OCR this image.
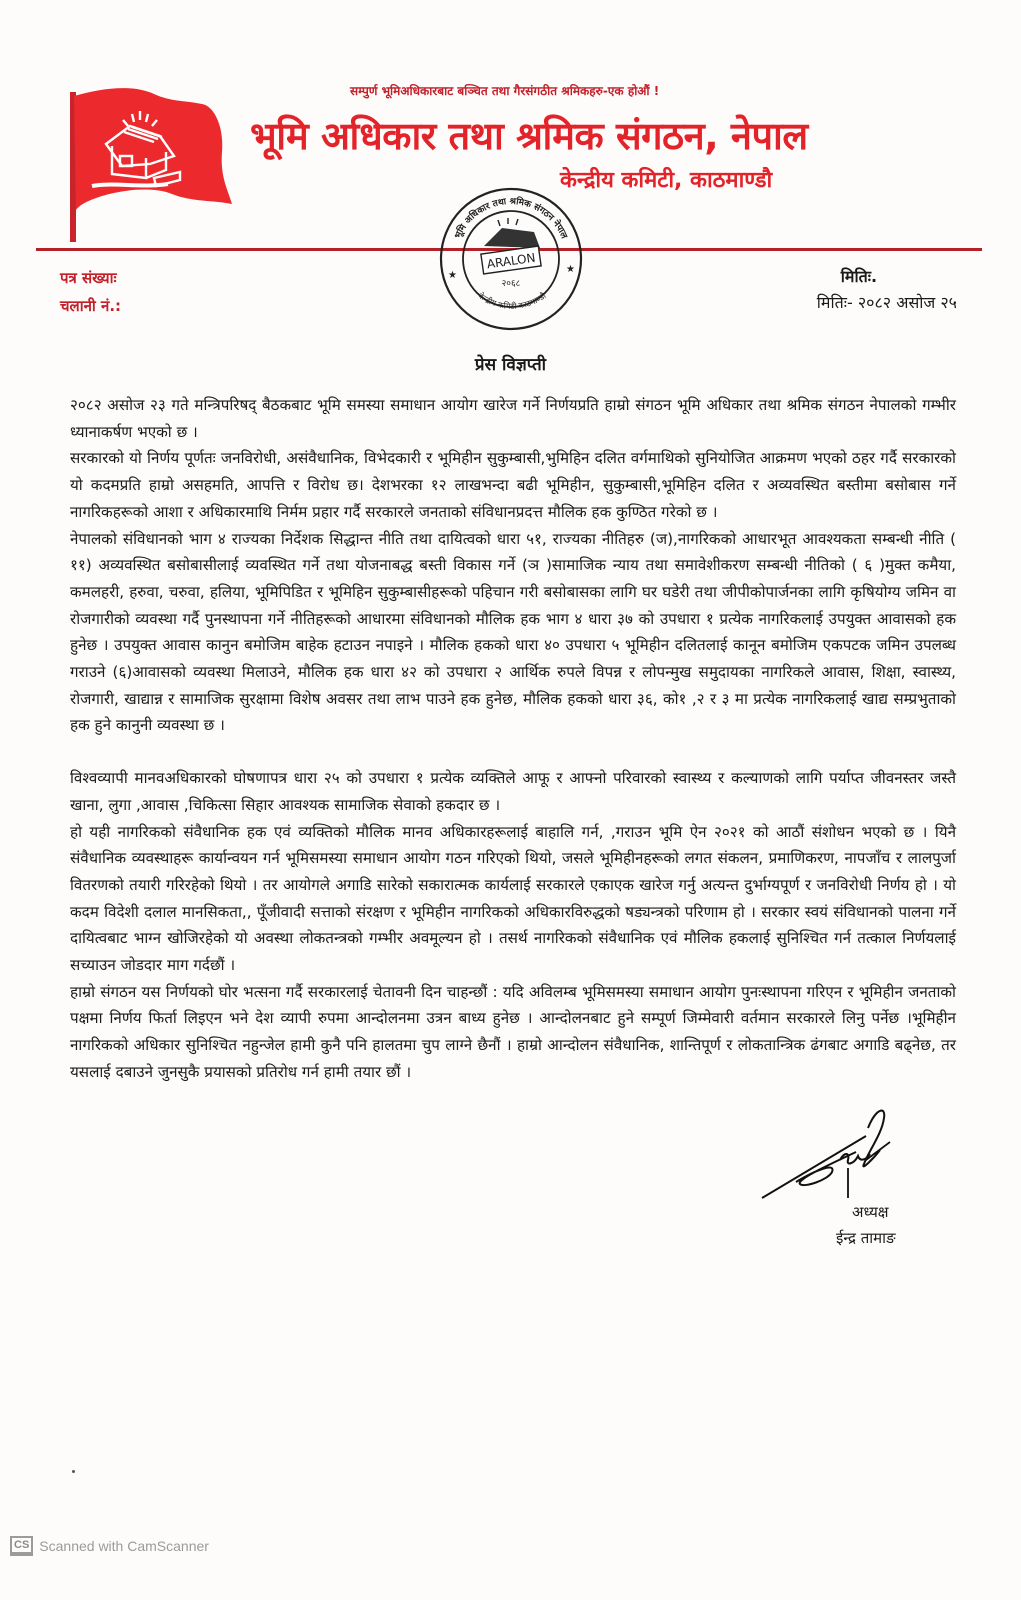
सम्पुर्ण भूमिअधिकारबाट बञ्चित तथा गैरसंगठीत श्रमिकहरु-एक होऔं !
भूमि अधिकार तथा श्रमिक संगठन, नेपाल
केन्द्रीय कमिटी, काठमाण्डौ
पत्र संख्याः
चलानी नं.:
भूमि अधिकार तथा श्रमिक संगठन नेपाल
केन्द्रीय कमिटी काठमाण्डौ
ARALON
२०६८
★
★	मितिः.
मितिः- २०८२ असोज २५
प्रेस विज्ञप्ती

२०८२ असोज २३ गते मन्त्रिपरिषद् बैठकबाट भूमि समस्या समाधान आयोग खारेज गर्ने निर्णयप्रति हाम्रो संगठन भूमि अधिकार तथा श्रमिक संगठन नेपालको गम्भीर ध्यानाकर्षण भएको छ ।

सरकारको यो निर्णय पूर्णतः जनविरोधी, असंवैधानिक, विभेदकारी र भूमिहीन सुकुम्बासी,भुमिहिन दलित वर्गमाथिको सुनियोजित आक्रमण भएको ठहर गर्दै सरकारको यो कदमप्रति हाम्रो असहमति, आपत्ति र विरोध छ। देशभरका १२ लाखभन्दा बढी भूमिहीन, सुकुम्बासी,भूमिहिन दलित र अव्यवस्थित बस्तीमा बसोबास गर्ने नागरिकहरूको आशा र अधिकारमाथि निर्मम प्रहार गर्दै सरकारले जनताको संविधानप्रदत्त मौलिक हक कुण्ठित गरेको छ ।

नेपालको संविधानको भाग ४ राज्यका निर्देशक सिद्धान्त नीति तथा दायित्वको धारा ५१, राज्यका नीतिहरु (ज),नागरिकको आधारभूत आवश्यकता सम्बन्धी नीति ( ११) अव्यवस्थित बसोबासीलाई व्यवस्थित गर्ने तथा योजनाबद्ध बस्ती विकास गर्ने (ञ )सामाजिक न्याय तथा समावेशीकरण सम्बन्धी नीतिको ( ६ )मुक्त कमैया, कमलहरी, हरुवा, चरुवा, हलिया, भूमिपिडित र भूमिहिन सुकुम्बासीहरूको पहिचान गरी बसोबासका लागि घर घडेरी तथा जीपीकोपार्जनका लागि कृषियोग्य जमिन वा रोजगारीको व्यवस्था गर्दै पुनस्थापना गर्ने नीतिहरूको आधारमा संविधानको मौलिक हक भाग ४ धारा ३७ को उपधारा १ प्रत्येक नागरिकलाई उपयुक्त आवासको हक हुनेछ । उपयुक्त आवास कानुन बमोजिम बाहेक हटाउन नपाइने । मौलिक हकको धारा ४० उपधारा ५ भूमिहीन दलितलाई कानून बमोजिम एकपटक जमिन उपलब्ध गराउने (६)आवासको व्यवस्था मिलाउने, मौलिक हक धारा ४२ को उपधारा २ आर्थिक रुपले विपन्न र लोपन्मुख समुदायका नागरिकले आवास, शिक्षा, स्वास्थ्य, रोजगारी, खाद्यान्न र सामाजिक सुरक्षामा विशेष अवसर तथा लाभ पाउने हक हुनेछ, मौलिक हकको धारा ३६, को१ ,२ र ३ मा प्रत्येक नागरिकलाई खाद्य सम्प्रभुताको हक हुने कानुनी व्यवस्था छ ।

विश्वव्यापी मानवअधिकारको घोषणापत्र धारा २५ को उपधारा १ प्रत्येक व्यक्तिले आफू र आफ्नो परिवारको स्वास्थ्य र कल्याणको लागि पर्याप्त जीवनस्तर जस्तै खाना, लुगा ,आवास ,चिकित्सा सिहार आवश्यक सामाजिक सेवाको हकदार छ ।

हो यही नागरिकको संवैधानिक हक एवं व्यक्तिको मौलिक मानव अधिकारहरूलाई बाहालि गर्न, ,गराउन भूमि ऐन २०२१ को आठौं संशोधन भएको छ । यिनै संवैधानिक व्यवस्थाहरू कार्यान्वयन गर्न भूमिसमस्या समाधान आयोग गठन गरिएको थियो, जसले भूमिहीनहरूको लगत संकलन, प्रमाणिकरण, नापजाँच र लालपुर्जा वितरणको तयारी गरिरहेको थियो । तर आयोगले अगाडि सारेको सकारात्मक कार्यलाई सरकारले एकाएक खारेज गर्नु अत्यन्त दुर्भाग्यपूर्ण र जनविरोधी निर्णय हो । यो कदम विदेशी दलाल मानसिकता,, पूँजीवादी सत्ताको संरक्षण र भूमिहीन नागरिकको अधिकारविरुद्धको षड्यन्त्रको परिणाम हो । सरकार स्वयं संविधानको पालना गर्ने दायित्वबाट भाग्न खोजिरहेको यो अवस्था लोकतन्त्रको गम्भीर अवमूल्यन हो । तसर्थ नागरिकको संवैधानिक एवं मौलिक हकलाई सुनिश्चित गर्न तत्काल निर्णयलाई सच्याउन जोडदार माग गर्दछौं ।

हाम्रो संगठन यस निर्णयको घोर भत्सना गर्दै सरकारलाई चेतावनी दिन चाहन्छौं : यदि अविलम्ब भूमिसमस्या समाधान आयोग पुनःस्थापना गरिएन र भूमिहीन जनताको पक्षमा निर्णय फिर्ता लिइएन भने देश व्यापी रुपमा आन्दोलनमा उत्रन बाध्य हुनेछ । आन्दोलनबाट हुने सम्पूर्ण जिम्मेवारी वर्तमान सरकारले लिनु पर्नेछ ।भूमिहीन नागरिकको अधिकार सुनिश्चित नहुन्जेल हामी कुनै पनि हालतमा चुप लाग्ने छैनौं । हाम्रो आन्दोलन संवैधानिक, शान्तिपूर्ण र लोकतान्त्रिक ढंगबाट अगाडि बढ्नेछ, तर यसलाई दबाउने जुनसुकै प्रयासको प्रतिरोध गर्न हामी तयार छौं ।

अध्यक्ष
ईन्द्र तामाङ
CS Scanned with CamScanner
